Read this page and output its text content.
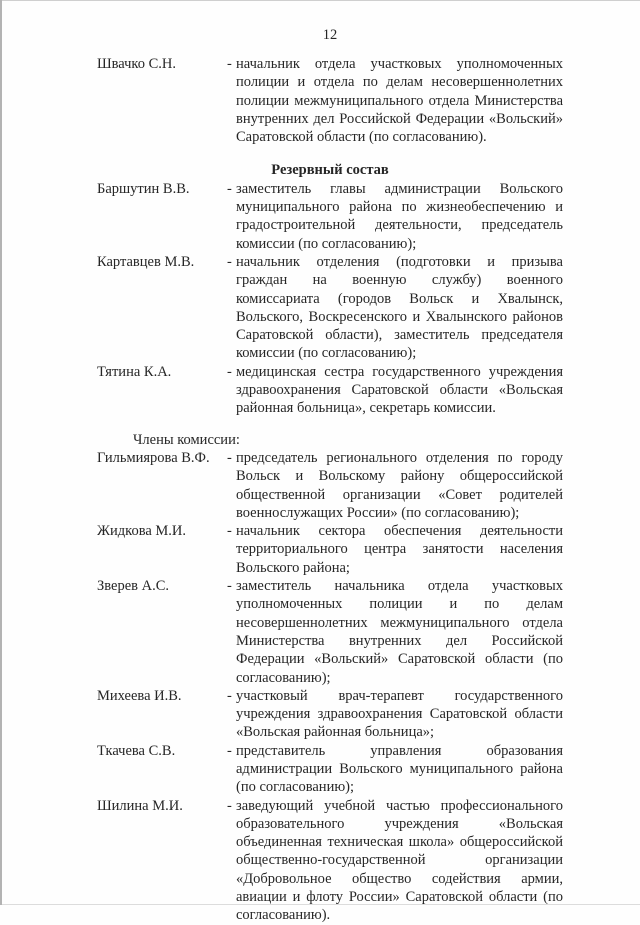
12
Швачко С.Н.	- начальник отдела участковых уполномоченных полиции и отдела по делам несовершеннолетних полиции межмуниципального отдела Министерства внутренних дел Российской Федерации «Вольский» Саратовской области (по согласованию).
Резервный состав
Баршутин В.В.	- заместитель главы администрации Вольского муниципального района по жизнеобеспечению и градостроительной деятельности, председатель комиссии (по согласованию);
Картавцев М.В.	- начальник отделения (подготовки и призыва граждан на военную службу) военного комиссариата (городов Вольск и Хвалынск, Вольского, Воскресенского и Хвалынского районов Саратовской области), заместитель председателя комиссии (по согласованию);
Тятина К.А.	- медицинская сестра государственного учреждения здравоохранения Саратовской области «Вольская районная больница», секретарь комиссии.
Члены комиссии:
Гильмиярова В.Ф.	- председатель регионального отделения по городу Вольск и Вольскому району общероссийской общественной организации «Совет родителей военнослужащих России» (по согласованию);
Жидкова М.И.	- начальник сектора обеспечения деятельности территориального центра занятости населения Вольского района;
Зверев А.С.	- заместитель начальника отдела участковых уполномоченных полиции и по делам несовершеннолетних межмуниципального отдела Министерства внутренних дел Российской Федерации «Вольский» Саратовской области (по согласованию);
Михеева И.В.	- участковый врач-терапевт государственного учреждения здравоохранения Саратовской области «Вольская районная больница»;
Ткачева С.В.	- представитель управления образования администрации Вольского муниципального района (по согласованию);
Шилина М.И.	- заведующий учебной частью профессионального образовательного учреждения «Вольская объединенная техническая школа» общероссийской общественно-государственной организации «Добровольное общество содействия армии, авиации и флоту России» Саратовской области (по согласованию).
